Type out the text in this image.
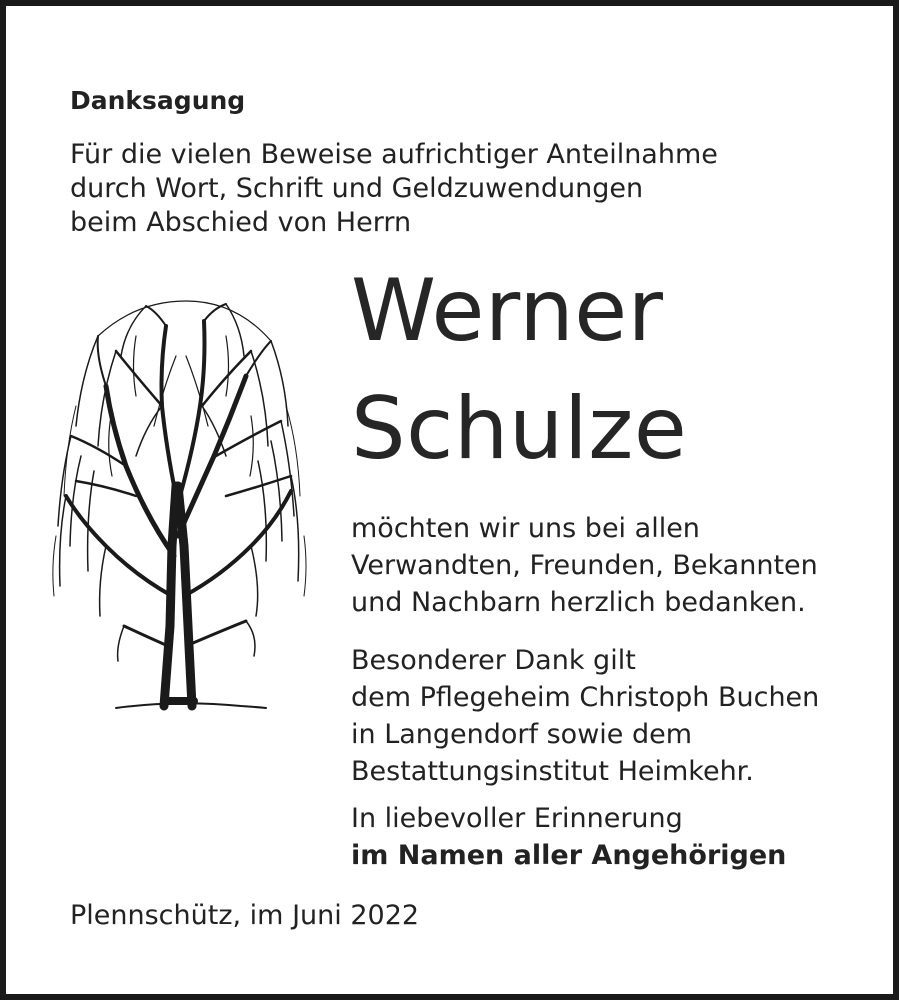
Danksagung
Für die vielen Beweise aufrichtiger Anteilnahme
durch Wort, Schrift und Geldzuwendungen
beim Abschied von Herrn
Werner
Schulze
möchten wir uns bei allen
Verwandten, Freunden, Bekannten
und Nachbarn herzlich bedanken.
Besonderer Dank gilt
dem Pflegeheim Christoph Buchen
in Langendorf sowie dem
Bestattungsinstitut Heimkehr.
In liebevoller Erinnerung
im Namen aller Angehörigen
Plennschütz, im Juni 2022
